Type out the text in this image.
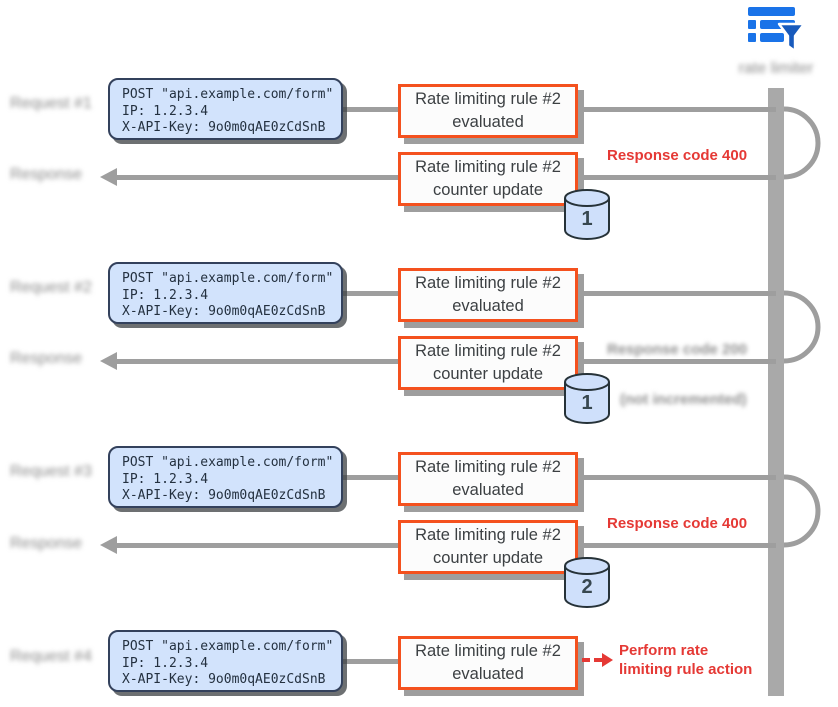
rate limiter
Request #1
POST "api.example.com/form"
IP: 1.2.3.4
X-API-Key: 9o0m0qAE0zCdSnB
Rate limiting rule #2
evaluated
Response	Rate limiting rule #2
counter update
Response code 400
1
Request #2
POST "api.example.com/form"
IP: 1.2.3.4
X-API-Key: 9o0m0qAE0zCdSnB
Rate limiting rule #2
evaluated
Response	Rate limiting rule #2
counter update
Response code 200
1 (not incremented)
Request #3
POST "api.example.com/form"
IP: 1.2.3.4
X-API-Key: 9o0m0qAE0zCdSnB
Rate limiting rule #2
evaluated
Response	Rate limiting rule #2
counter update
Response code 400
2
Request #4
POST "api.example.com/form"
IP: 1.2.3.4
X-API-Key: 9o0m0qAE0zCdSnB
Rate limiting rule #2
evaluated
Perform rate
limiting rule action
